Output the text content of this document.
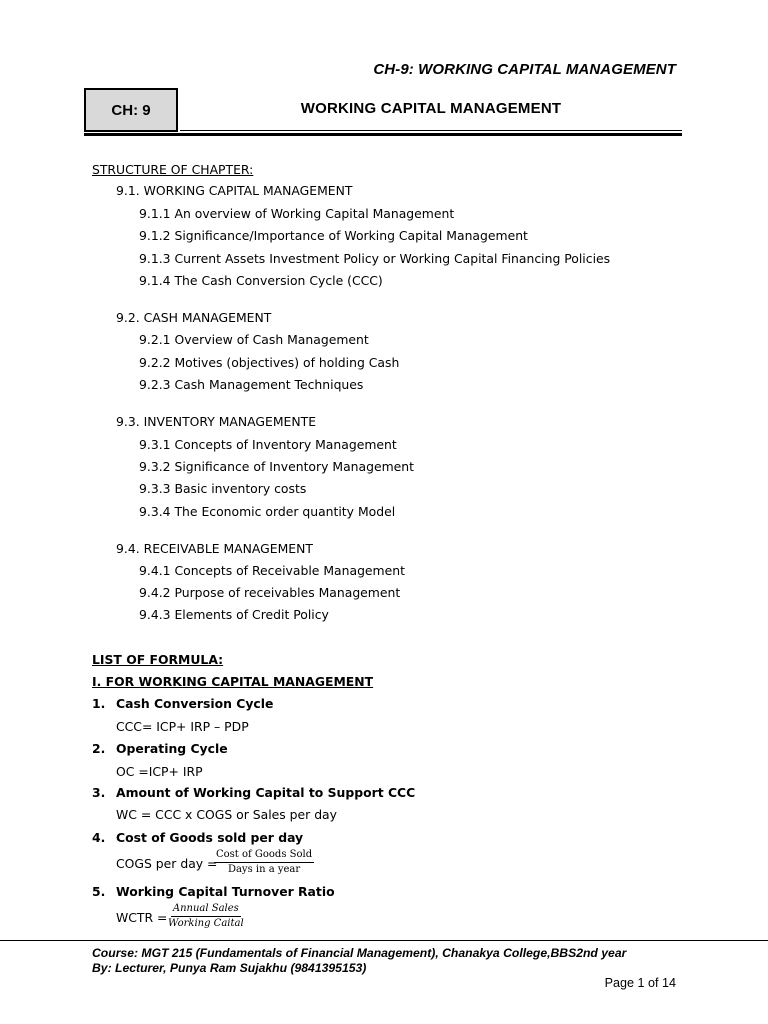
CH-9: WORKING CAPITAL MANAGEMENT
CH: 9	WORKING CAPITAL MANAGEMENT
STRUCTURE OF CHAPTER:
9.1. WORKING CAPITAL MANAGEMENT
9.1.1 An overview of Working Capital Management
9.1.2 Significance/Importance of Working Capital Management
9.1.3 Current Assets Investment Policy or Working Capital Financing Policies
9.1.4 The Cash Conversion Cycle (CCC)
9.2. CASH MANAGEMENT
9.2.1 Overview of Cash Management
9.2.2 Motives (objectives) of holding Cash
9.2.3 Cash Management Techniques
9.3. INVENTORY MANAGEMENTE
9.3.1 Concepts of Inventory Management
9.3.2 Significance of Inventory Management
9.3.3 Basic inventory costs
9.3.4 The Economic order quantity Model
9.4. RECEIVABLE MANAGEMENT
9.4.1 Concepts of Receivable Management
9.4.2 Purpose of receivables Management
9.4.3 Elements of Credit Policy
LIST OF FORMULA:
I. FOR WORKING CAPITAL MANAGEMENT
1. Cash Conversion Cycle
CCC= ICP+ IRP – PDP
2. Operating Cycle
OC =ICP+ IRP
3. Amount of Working Capital to Support CCC
WC = CCC x COGS or Sales per day
4. Cost of Goods sold per day
COGS per day =
Cost of Goods Sold
Days in a year
5. Working Capital Turnover Ratio
WCTR =
Annual Sales
Working Caital
Course: MGT 215 (Fundamentals of Financial Management), Chanakya College,BBS2nd year
By: Lecturer, Punya Ram Sujakhu (9841395153)
Page 1 of 14
